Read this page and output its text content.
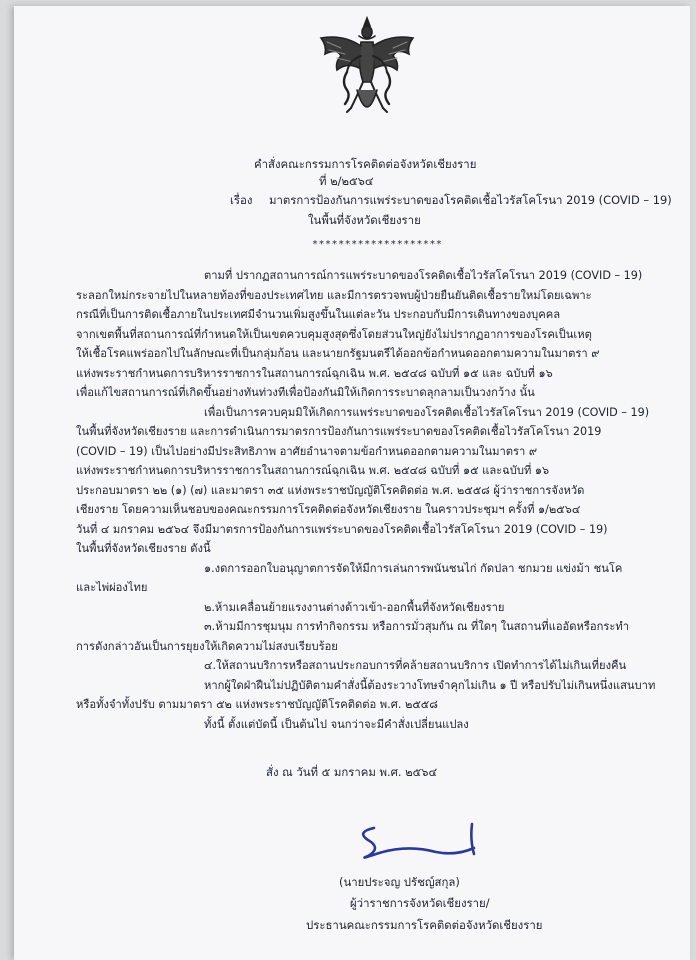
คำสั่งคณะกรรมการโรคติดต่อจังหวัดเชียงราย
ที่ ๒/๒๕๖๔
เรื่อง มาตรการป้องกันการแพร่ระบาดของโรคติดเชื้อไวรัสโคโรนา 2019 (COVID – 19)
ในพื้นที่จังหวัดเชียงราย
********************

ตามที่ ปรากฏสถานการณ์การแพร่ระบาดของโรคติดเชื้อไวรัสโคโรนา 2019 (COVID – 19)
ระลอกใหม่กระจายไปในหลายท้องที่ของประเทศไทย และมีการตรวจพบผู้ป่วยยืนยันติดเชื้อรายใหม่โดยเฉพาะ
กรณีที่เป็นการติดเชื้อภายในประเทศมีจำนวนเพิ่มสูงขึ้นในแต่ละวัน ประกอบกับมีการเดินทางของบุคคล
จากเขตพื้นที่สถานการณ์ที่กำหนดให้เป็นเขตควบคุมสูงสุดซึ่งโดยส่วนใหญ่ยังไม่ปรากฏอาการของโรคเป็นเหตุ
ให้เชื้อโรคแพร่ออกไปในลักษณะที่เป็นกลุ่มก้อน และนายกรัฐมนตรีได้ออกข้อกำหนดออกตามความในมาตรา ๙
แห่งพระราชกำหนดการบริหารราชการในสถานการณ์ฉุกเฉิน พ.ศ. ๒๕๔๘ ฉบับที่ ๑๕ และ ฉบับที่ ๑๖
เพื่อแก้ไขสถานการณ์ที่เกิดขึ้นอย่างทันท่วงทีเพื่อป้องกันมิให้เกิดการระบาดลุกลามเป็นวงกว้าง นั้น

เพื่อเป็นการควบคุมมิให้เกิดการแพร่ระบาดของโรคติดเชื้อไวรัสโคโรนา 2019 (COVID – 19)
ในพื้นที่จังหวัดเชียงราย และการดำเนินการมาตรการป้องกันการแพร่ระบาดของโรคติดเชื้อไวรัสโคโรนา 2019
(COVID – 19) เป็นไปอย่างมีประสิทธิภาพ อาศัยอำนาจตามข้อกำหนดออกตามความในมาตรา ๙
แห่งพระราชกำหนดการบริหารราชการในสถานการณ์ฉุกเฉิน พ.ศ. ๒๕๔๘ ฉบับที่ ๑๕ และฉบับที่ ๑๖
ประกอบมาตรา ๒๒ (๑) (๗) และมาตรา ๓๕ แห่งพระราชบัญญัติโรคติดต่อ พ.ศ. ๒๕๕๘ ผู้ว่าราชการจังหวัด
เชียงราย โดยความเห็นชอบของคณะกรรมการโรคติดต่อจังหวัดเชียงราย ในคราวประชุมฯ ครั้งที่ ๑/๒๕๖๔
วันที่ ๔ มกราคม ๒๕๖๔ จึงมีมาตรการป้องกันการแพร่ระบาดของโรคติดเชื้อไวรัสโคโรนา 2019 (COVID – 19)
ในพื้นที่จังหวัดเชียงราย ดังนี้

๑.งดการออกใบอนุญาตการจัดให้มีการเล่นการพนันชนไก่ กัดปลา ชกมวย แข่งม้า ชนโค
และไพ่ผ่องไทย

๒.ห้ามเคลื่อนย้ายแรงงานต่างด้าวเข้า-ออกพื้นที่จังหวัดเชียงราย

๓.ห้ามมีการชุมนุม การทำกิจกรรม หรือการมั่วสุมกัน ณ ที่ใดๆ ในสถานที่แออัดหรือกระทำ
การดังกล่าวอันเป็นการยุยงให้เกิดความไม่สงบเรียบร้อย

๔.ให้สถานบริการหรือสถานประกอบการที่คล้ายสถานบริการ เปิดทำการได้ไม่เกินเที่ยงคืน

หากผู้ใดฝ่าฝืนไม่ปฏิบัติตามคำสั่งนี้ต้องระวางโทษจำคุกไม่เกิน ๑ ปี หรือปรับไม่เกินหนึ่งแสนบาท
หรือทั้งจำทั้งปรับ ตามมาตรา ๕๒ แห่งพระราชบัญญัติโรคติดต่อ พ.ศ. ๒๕๕๘

ทั้งนี้ ตั้งแต่บัดนี้ เป็นต้นไป จนกว่าจะมีคำสั่งเปลี่ยนแปลง

สั่ง ณ วันที่ ๕ มกราคม พ.ศ. ๒๕๖๔
(นายประจญ ปรัชญ์สกุล)
ผู้ว่าราชการจังหวัดเชียงราย/
ประธานคณะกรรมการโรคติดต่อจังหวัดเชียงราย
